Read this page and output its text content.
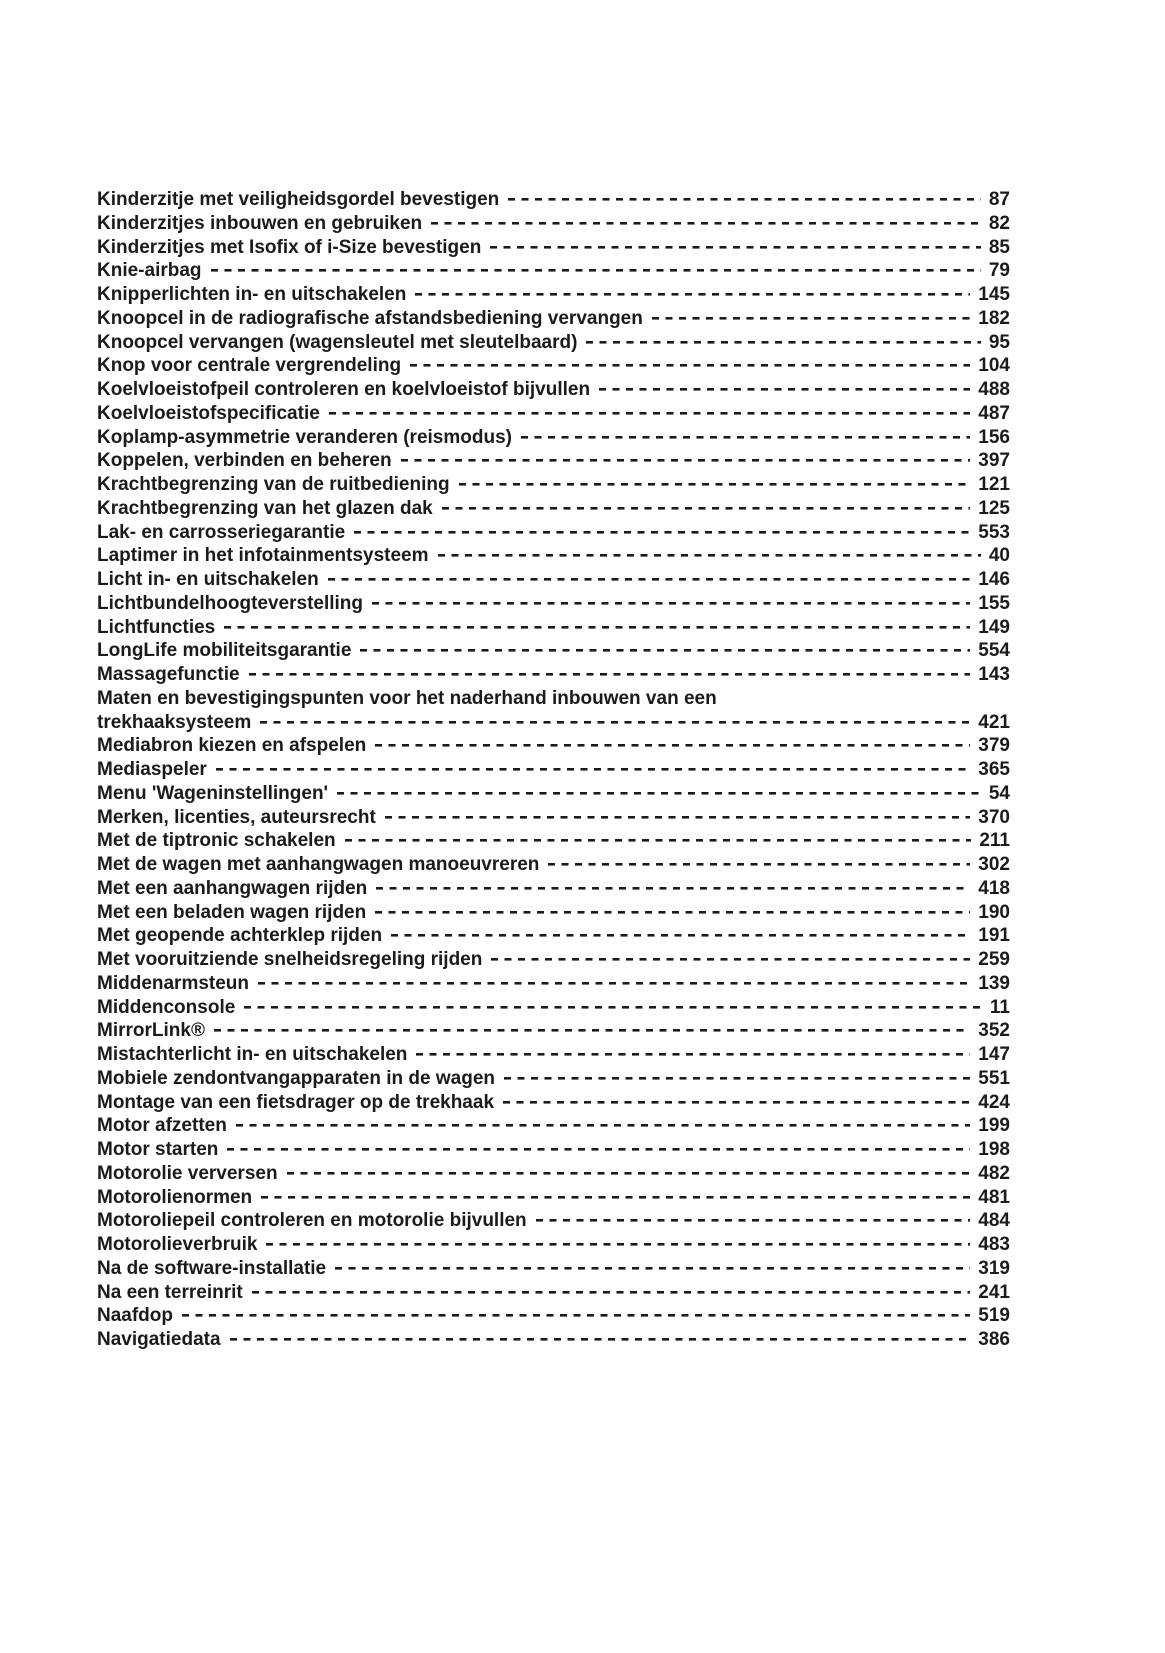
Kinderzitje met veiligheidsgordel bevestigen	87
Kinderzitjes inbouwen en gebruiken	82
Kinderzitjes met Isofix of i-Size bevestigen	85
Knie-airbag	79
Knipperlichten in- en uitschakelen	145
Knoopcel in de radiografische afstandsbediening vervangen	182
Knoopcel vervangen (wagensleutel met sleutelbaard)	95
Knop voor centrale vergrendeling	104
Koelvloeistofpeil controleren en koelvloeistof bijvullen	488
Koelvloeistofspecificatie	487
Koplamp-asymmetrie veranderen (reismodus)	156
Koppelen, verbinden en beheren	397
Krachtbegrenzing van de ruitbediening	121
Krachtbegrenzing van het glazen dak	125
Lak- en carrosseriegarantie	553
Laptimer in het infotainmentsysteem	40
Licht in- en uitschakelen	146
Lichtbundelhoogteverstelling	155
Lichtfuncties	149
LongLife mobiliteitsgarantie	554
Massagefunctie	143
Maten en bevestigingspunten voor het naderhand inbouwen van een
trekhaaksysteem	421
Mediabron kiezen en afspelen	379
Mediaspeler	365
Menu 'Wageninstellingen'	54
Merken, licenties, auteursrecht	370
Met de tiptronic schakelen	211
Met de wagen met aanhangwagen manoeuvreren	302
Met een aanhangwagen rijden	418
Met een beladen wagen rijden	190
Met geopende achterklep rijden	191
Met vooruitziende snelheidsregeling rijden	259
Middenarmsteun	139
Middenconsole	11
MirrorLink®	352
Mistachterlicht in- en uitschakelen	147
Mobiele zendontvangapparaten in de wagen	551
Montage van een fietsdrager op de trekhaak	424
Motor afzetten	199
Motor starten	198
Motorolie verversen	482
Motorolienormen	481
Motoroliepeil controleren en motorolie bijvullen	484
Motorolieverbruik	483
Na de software-installatie	319
Na een terreinrit	241
Naafdop	519
Navigatiedata	386
